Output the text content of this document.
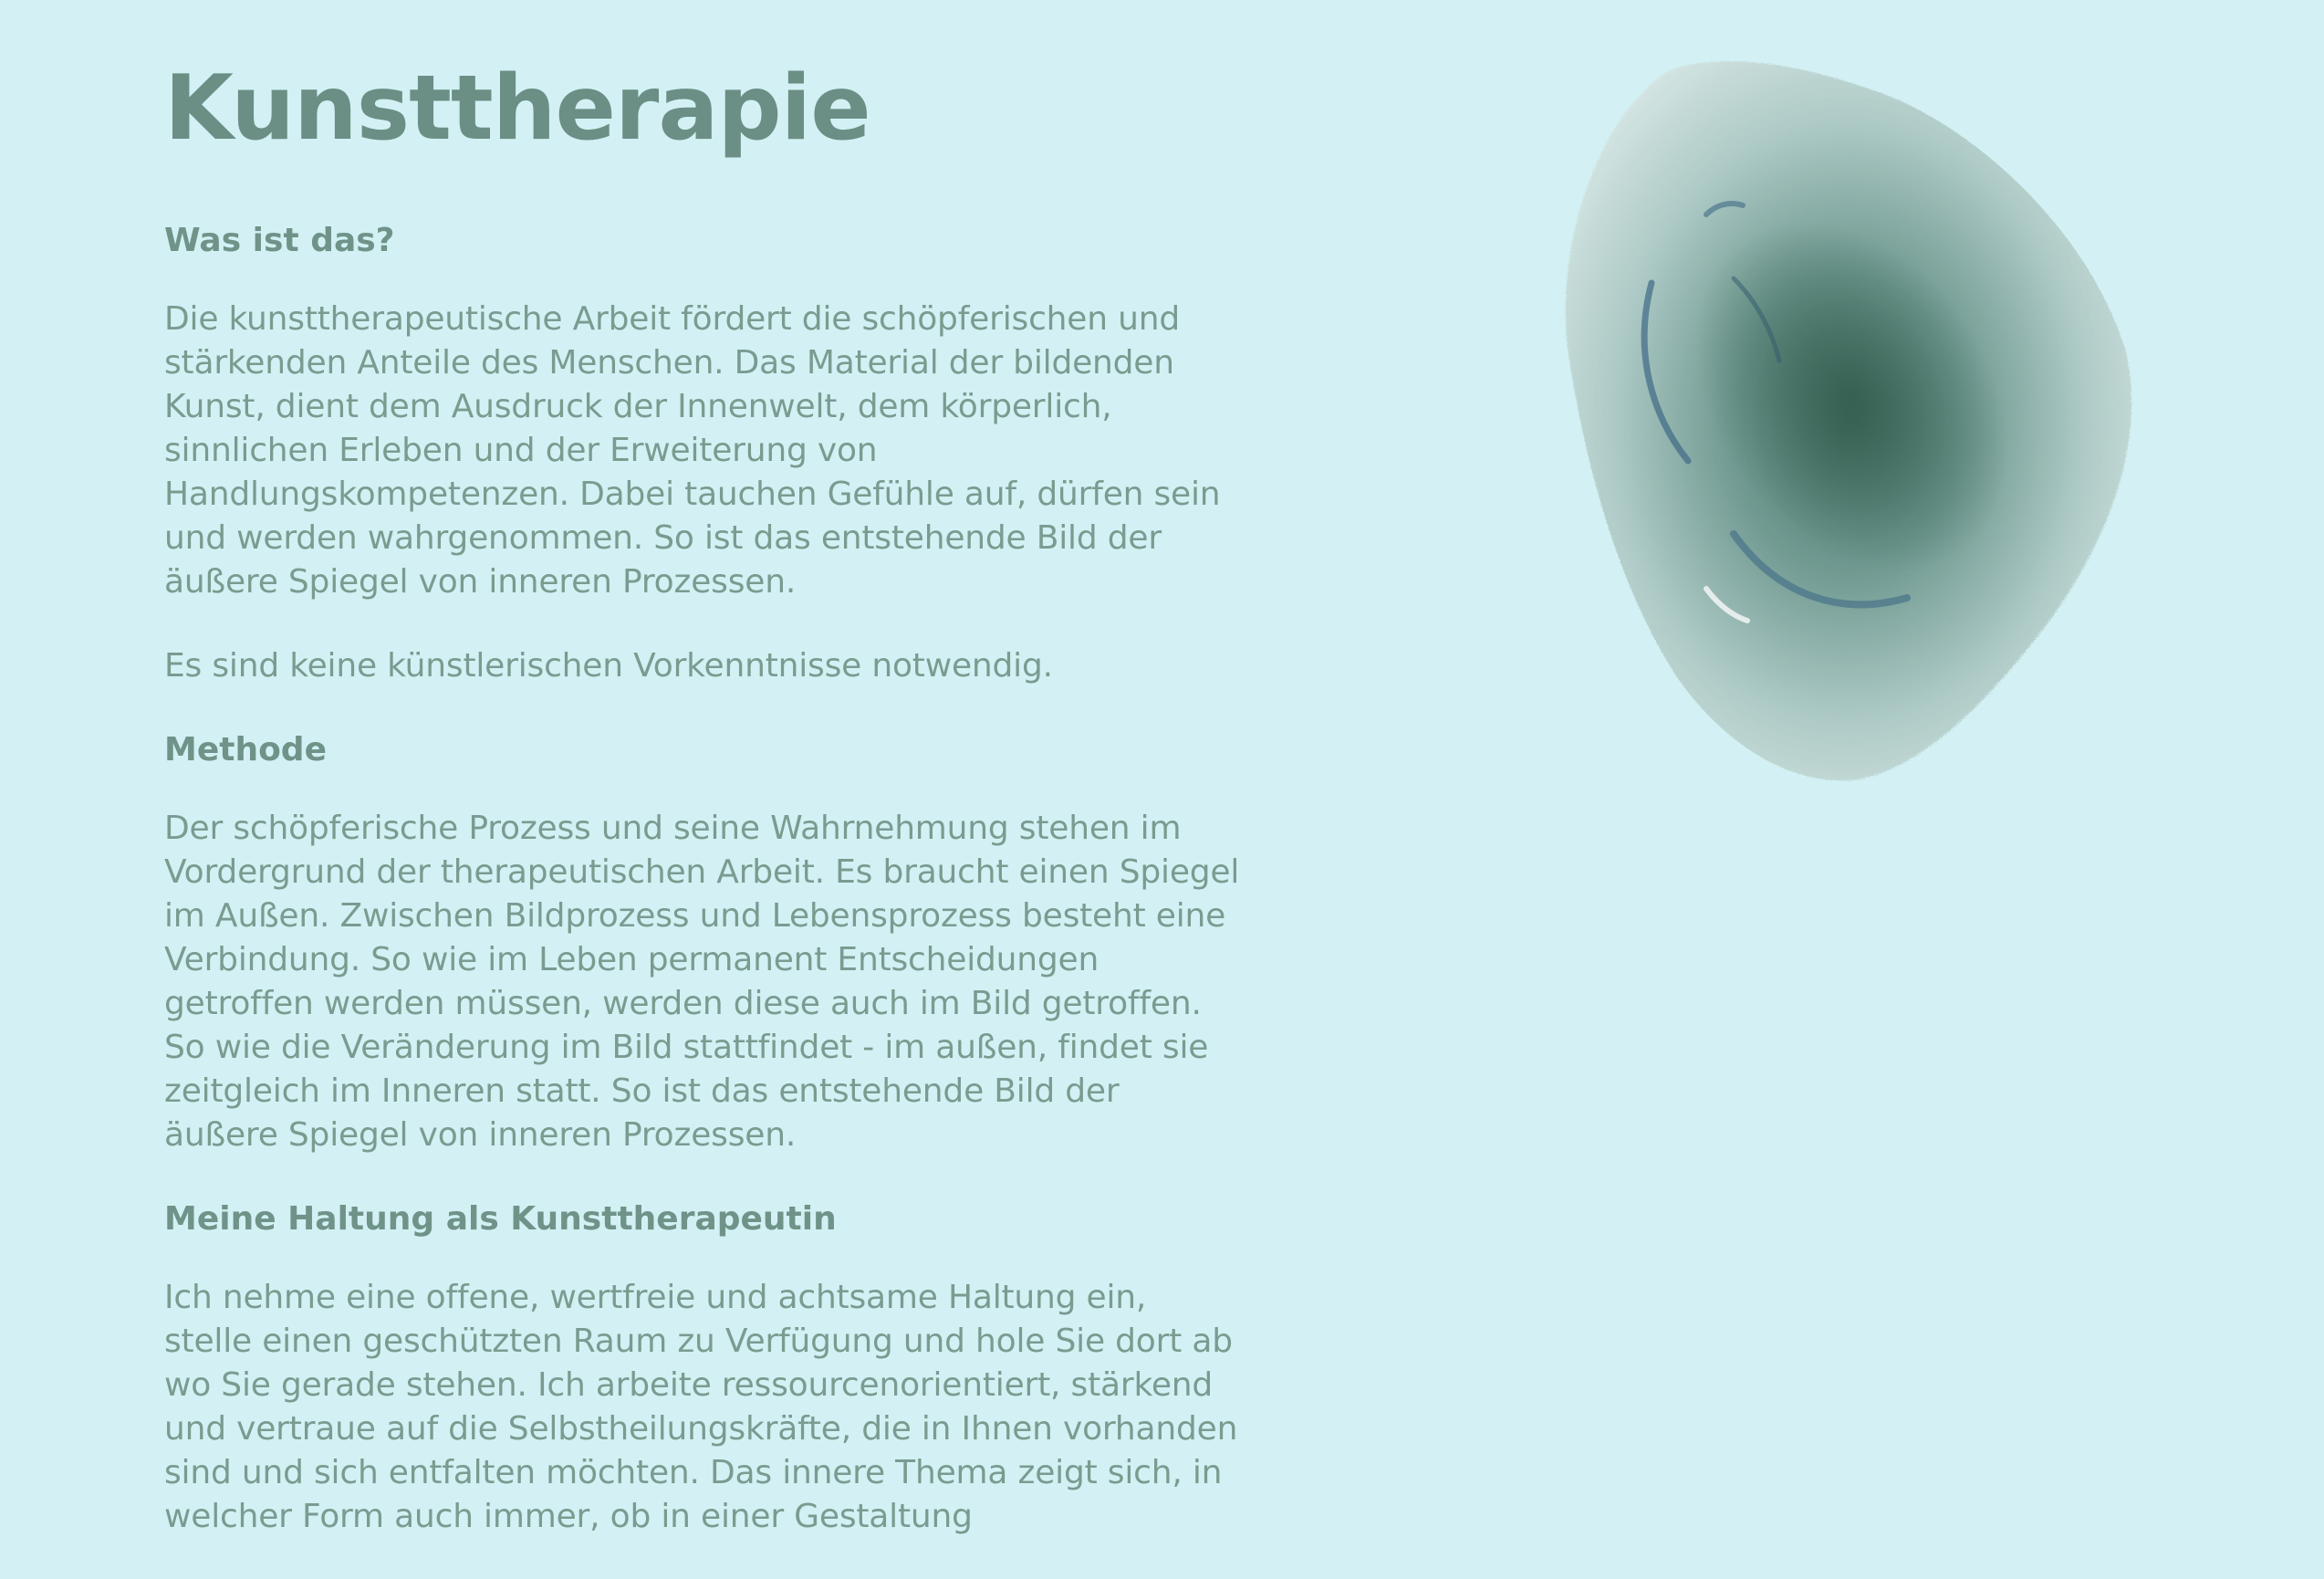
Kunsttherapie
Was ist das?

Die kunsttherapeutische Arbeit fördert die schöpferischen und stärkenden Anteile des Menschen. Das Material der bildenden Kunst, dient dem Ausdruck der Innenwelt, dem körperlich, sinnlichen Erleben und der Erweiterung von Handlungskompetenzen. Dabei tauchen Gefühle auf, dürfen sein und werden wahrgenommen. So ist das entstehende Bild der äußere Spiegel von inneren Prozessen.

Es sind keine künstlerischen Vorkenntnisse notwendig.

Methode

Der schöpferische Prozess und seine Wahrnehmung stehen im Vordergrund der therapeutischen Arbeit. Es braucht einen Spiegel im Außen. Zwischen Bildprozess und Lebensprozess besteht eine Verbindung. So wie im Leben permanent Entscheidungen getroffen werden müssen, werden diese auch im Bild getroffen. So wie die Veränderung im Bild stattfindet - im außen, findet sie zeitgleich im Inneren statt. So ist das entstehende Bild der äußere Spiegel von inneren Prozessen.

Meine Haltung als Kunsttherapeutin

Ich nehme eine offene, wertfreie und achtsame Haltung ein, stelle einen geschützten Raum zu Verfügung und hole Sie dort ab wo Sie gerade stehen. Ich arbeite ressourcenorientiert, stärkend und vertraue auf die Selbstheilungskräfte, die in Ihnen vorhanden sind und sich entfalten möchten. Das innere Thema zeigt sich, in welcher Form auch immer, ob in einer Gestaltung
